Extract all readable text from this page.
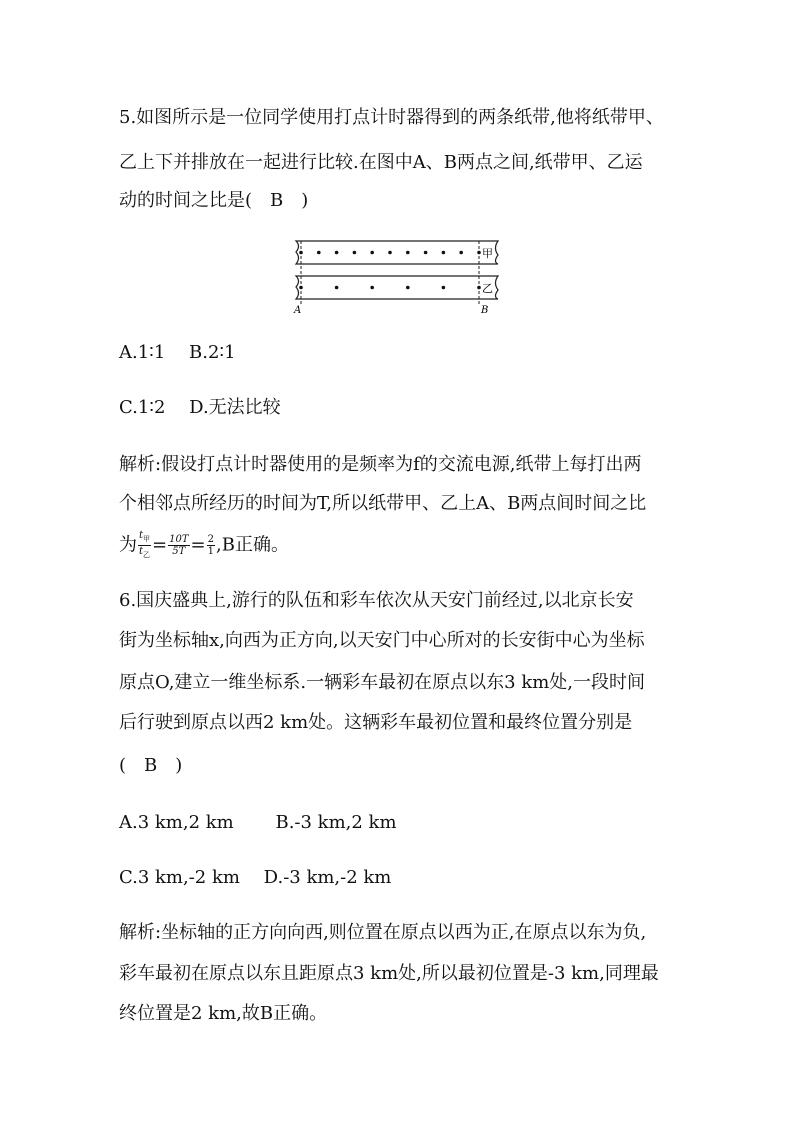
5.如图所示是一位同学使用打点计时器得到的两条纸带,他将纸带甲、
乙上下并排放在一起进行比较.在图中A、B两点之间,纸带甲、乙运
动的时间之比是(　B　)
甲
乙
A	B
A.1∶1　 B.2∶1
C.1∶2　 D.无法比较
解析:假设打点计时器使用的是频率为f的交流电源,纸带上每打出两
个相邻点所经历的时间为T,所以纸带甲、乙上A、B两点间时间之比
为 $\frac{t_甲}{t_乙} = \frac{10T}{5T} = \frac{2}{1} ,B$正确。
6.国庆盛典上,游行的队伍和彩车依次从天安门前经过,以北京长安
街为坐标轴x,向西为正方向,以天安门中心所对的长安街中心为坐标
原点O,建立一维坐标系.一辆彩车最初在原点以东3 km处,一段时间
后行驶到原点以西2 km处。这辆彩车最初位置和最终位置分别是
(　B　)
A.3 km,2 km　　 B.-3 km,2 km
C.3 km,-2 km　 D.-3 km,-2 km
解析:坐标轴的正方向向西,则位置在原点以西为正,在原点以东为负,
彩车最初在原点以东且距原点3 km处,所以最初位置是-3 km,同理最
终位置是2 km,故B正确。
